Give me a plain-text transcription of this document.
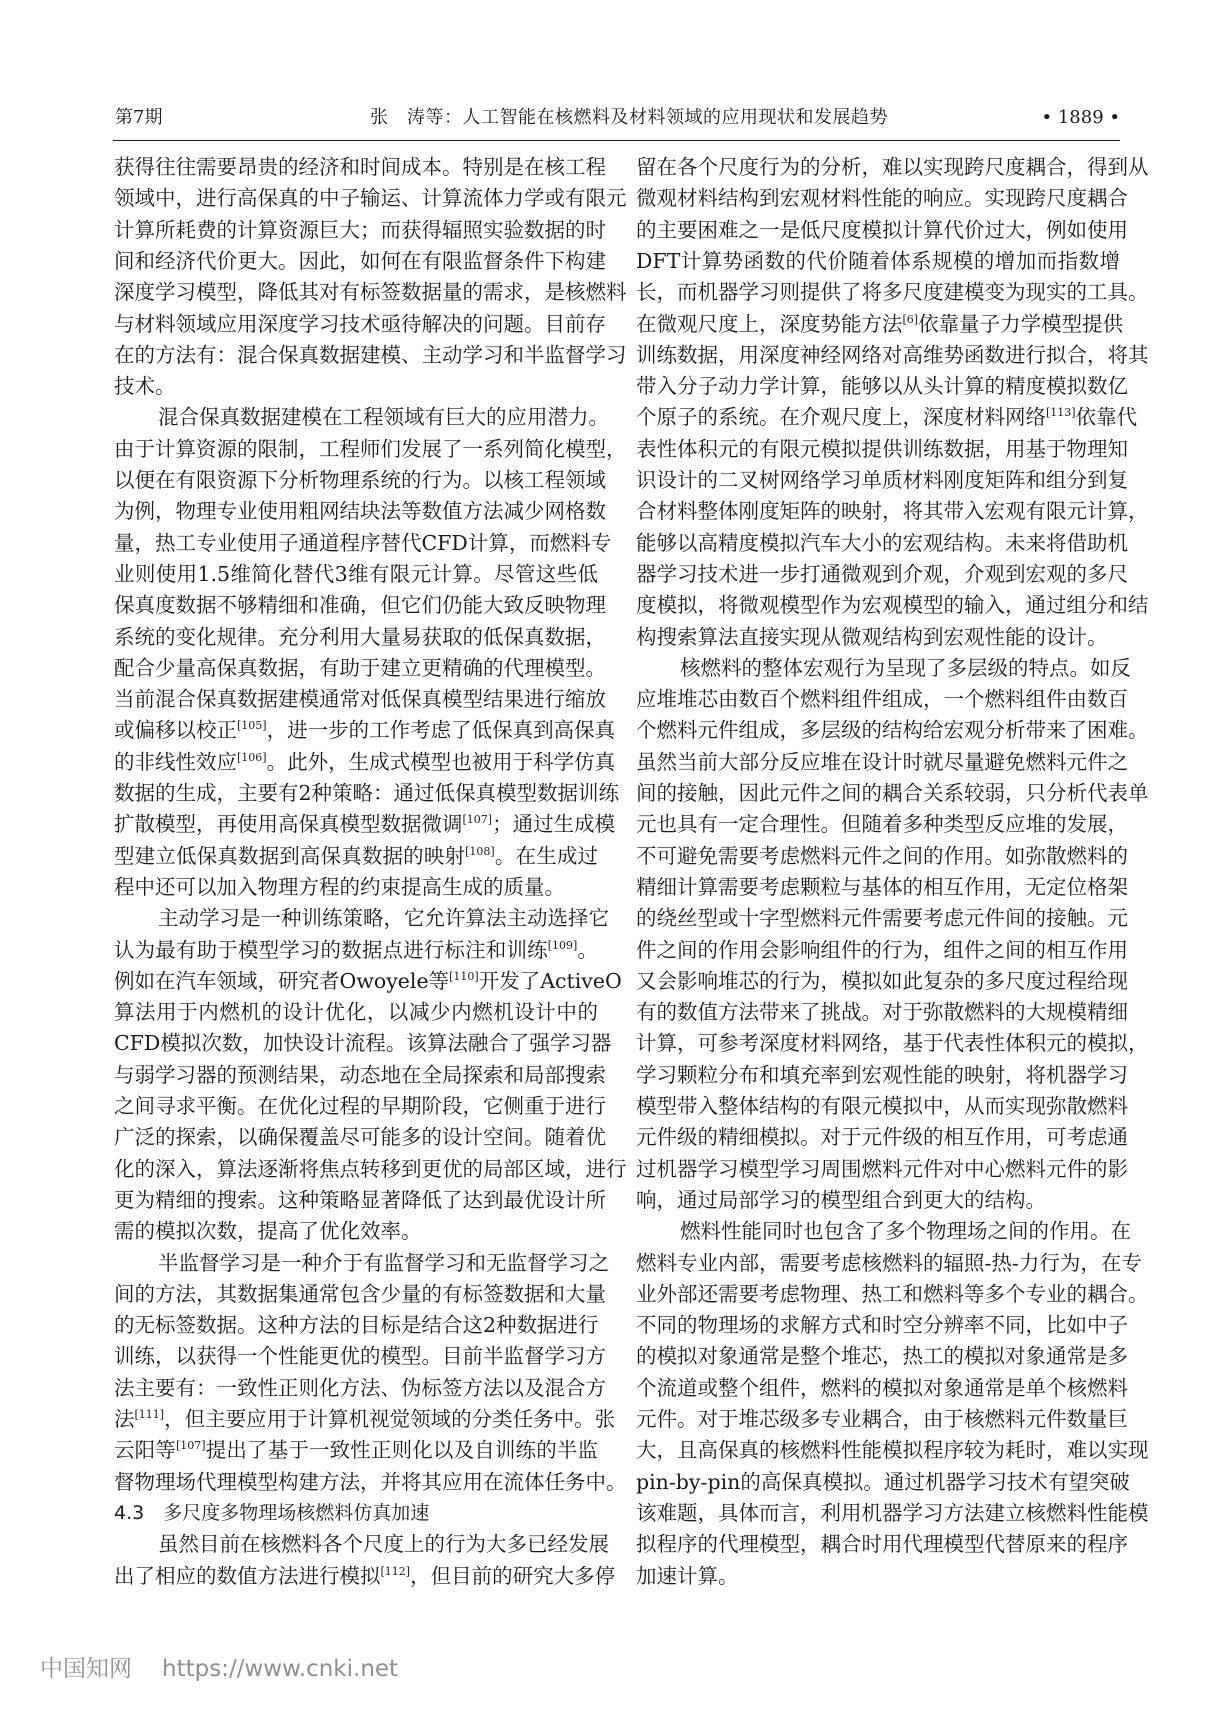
第7期	张　涛等：人工智能在核燃料及材料领域的应用现状和发展趋势	• 1889 •
获得往往需要昂贵的经济和时间成本。特别是在核工程
领域中，进行高保真的中子输运、计算流体力学或有限元
计算所耗费的计算资源巨大；而获得辐照实验数据的时
间和经济代价更大。因此，如何在有限监督条件下构建
深度学习模型，降低其对有标签数据量的需求，是核燃料
与材料领域应用深度学习技术亟待解决的问题。目前存
在的方法有：混合保真数据建模、主动学习和半监督学习
技术。
混合保真数据建模在工程领域有巨大的应用潜力。
由于计算资源的限制，工程师们发展了一系列简化模型，
以便在有限资源下分析物理系统的行为。以核工程领域
为例，物理专业使用粗网结块法等数值方法减少网格数
量，热工专业使用子通道程序替代CFD计算，而燃料专
业则使用1.5维简化替代3维有限元计算。尽管这些低
保真度数据不够精细和准确，但它们仍能大致反映物理
系统的变化规律。充分利用大量易获取的低保真数据，
配合少量高保真数据，有助于建立更精确的代理模型。
当前混合保真数据建模通常对低保真模型结果进行缩放
或偏移以校正[105]，进一步的工作考虑了低保真到高保真
的非线性效应[106]。此外，生成式模型也被用于科学仿真
数据的生成，主要有2种策略：通过低保真模型数据训练
扩散模型，再使用高保真模型数据微调[107]；通过生成模
型建立低保真数据到高保真数据的映射[108]。在生成过
程中还可以加入物理方程的约束提高生成的质量。
主动学习是一种训练策略，它允许算法主动选择它
认为最有助于模型学习的数据点进行标注和训练[109]。
例如在汽车领域，研究者Owoyele等[110]开发了ActiveO
算法用于内燃机的设计优化，以减少内燃机设计中的
CFD模拟次数，加快设计流程。该算法融合了强学习器
与弱学习器的预测结果，动态地在全局探索和局部搜索
之间寻求平衡。在优化过程的早期阶段，它侧重于进行
广泛的探索，以确保覆盖尽可能多的设计空间。随着优
化的深入，算法逐渐将焦点转移到更优的局部区域，进行
更为精细的搜索。这种策略显著降低了达到最优设计所
需的模拟次数，提高了优化效率。
半监督学习是一种介于有监督学习和无监督学习之
间的方法，其数据集通常包含少量的有标签数据和大量
的无标签数据。这种方法的目标是结合这2种数据进行
训练，以获得一个性能更优的模型。目前半监督学习方
法主要有：一致性正则化方法、伪标签方法以及混合方
法[111]，但主要应用于计算机视觉领域的分类任务中。张
云阳等[107]提出了基于一致性正则化以及自训练的半监
督物理场代理模型构建方法，并将其应用在流体任务中。
4.3　多尺度多物理场核燃料仿真加速
虽然目前在核燃料各个尺度上的行为大多已经发展
出了相应的数值方法进行模拟[112]，但目前的研究大多停
留在各个尺度行为的分析，难以实现跨尺度耦合，得到从
微观材料结构到宏观材料性能的响应。实现跨尺度耦合
的主要困难之一是低尺度模拟计算代价过大，例如使用
DFT计算势函数的代价随着体系规模的增加而指数增
长，而机器学习则提供了将多尺度建模变为现实的工具。
在微观尺度上，深度势能方法[6]依靠量子力学模型提供
训练数据，用深度神经网络对高维势函数进行拟合，将其
带入分子动力学计算，能够以从头计算的精度模拟数亿
个原子的系统。在介观尺度上，深度材料网络[113]依靠代
表性体积元的有限元模拟提供训练数据，用基于物理知
识设计的二叉树网络学习单质材料刚度矩阵和组分到复
合材料整体刚度矩阵的映射，将其带入宏观有限元计算，
能够以高精度模拟汽车大小的宏观结构。未来将借助机
器学习技术进一步打通微观到介观，介观到宏观的多尺
度模拟，将微观模型作为宏观模型的输入，通过组分和结
构搜索算法直接实现从微观结构到宏观性能的设计。
核燃料的整体宏观行为呈现了多层级的特点。如反
应堆堆芯由数百个燃料组件组成，一个燃料组件由数百
个燃料元件组成，多层级的结构给宏观分析带来了困难。
虽然当前大部分反应堆在设计时就尽量避免燃料元件之
间的接触，因此元件之间的耦合关系较弱，只分析代表单
元也具有一定合理性。但随着多种类型反应堆的发展，
不可避免需要考虑燃料元件之间的作用。如弥散燃料的
精细计算需要考虑颗粒与基体的相互作用，无定位格架
的绕丝型或十字型燃料元件需要考虑元件间的接触。元
件之间的作用会影响组件的行为，组件之间的相互作用
又会影响堆芯的行为，模拟如此复杂的多尺度过程给现
有的数值方法带来了挑战。对于弥散燃料的大规模精细
计算，可参考深度材料网络，基于代表性体积元的模拟，
学习颗粒分布和填充率到宏观性能的映射，将机器学习
模型带入整体结构的有限元模拟中，从而实现弥散燃料
元件级的精细模拟。对于元件级的相互作用，可考虑通
过机器学习模型学习周围燃料元件对中心燃料元件的影
响，通过局部学习的模型组合到更大的结构。
燃料性能同时也包含了多个物理场之间的作用。在
燃料专业内部，需要考虑核燃料的辐照-热-力行为，在专
业外部还需要考虑物理、热工和燃料等多个专业的耦合。
不同的物理场的求解方式和时空分辨率不同，比如中子
的模拟对象通常是整个堆芯，热工的模拟对象通常是多
个流道或整个组件，燃料的模拟对象通常是单个核燃料
元件。对于堆芯级多专业耦合，由于核燃料元件数量巨
大，且高保真的核燃料性能模拟程序较为耗时，难以实现
pin-by-pin的高保真模拟。通过机器学习技术有望突破
该难题，具体而言，利用机器学习方法建立核燃料性能模
拟程序的代理模型，耦合时用代理模型代替原来的程序
加速计算。
中国知网 https://www.cnki.net
